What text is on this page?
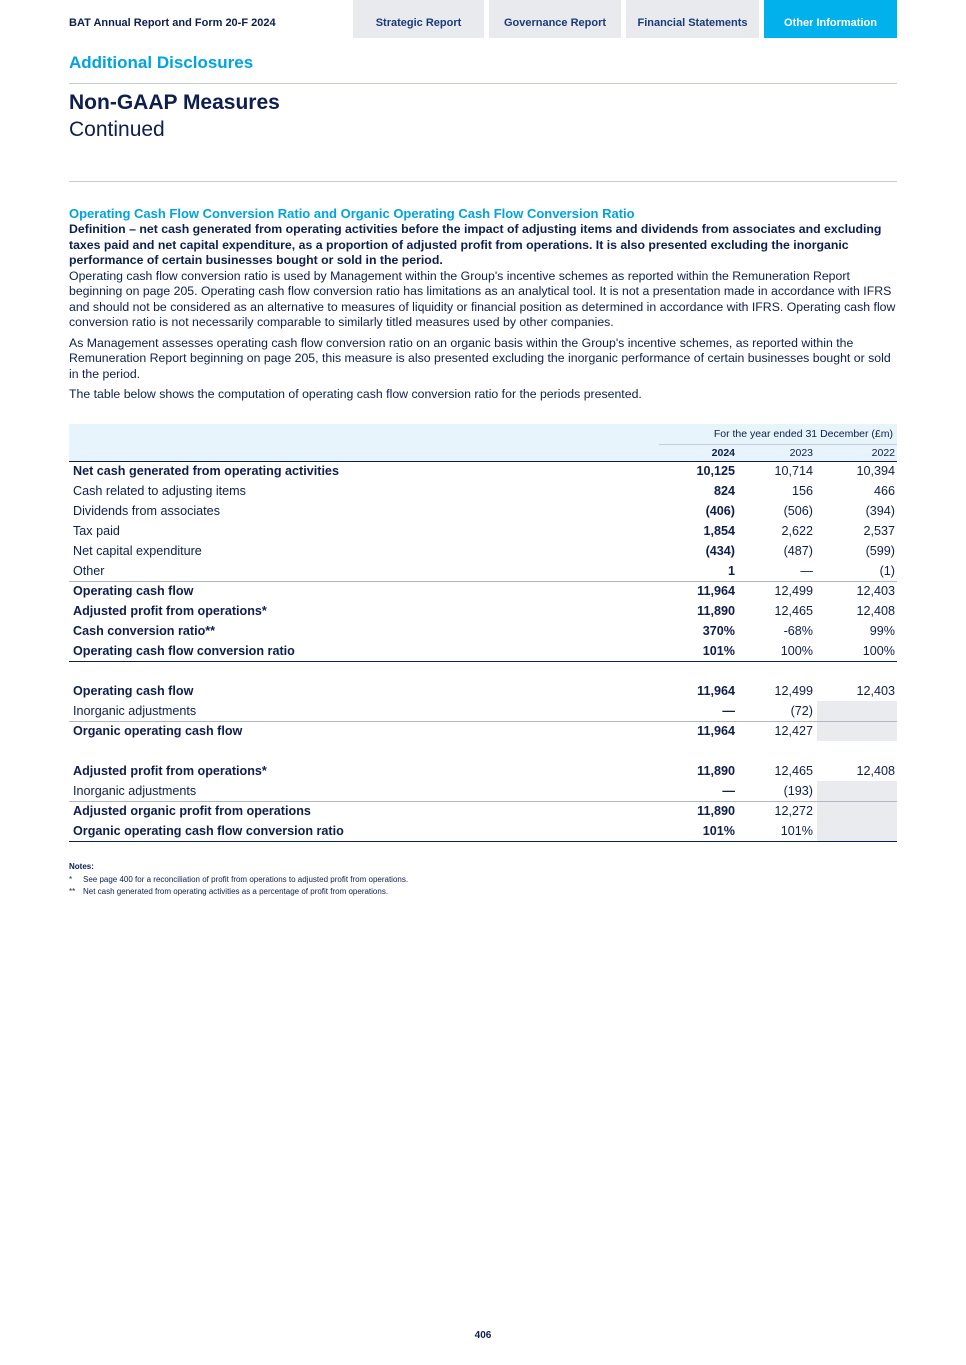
BAT Annual Report and Form 20-F 2024	Strategic Report	Governance Report	Financial Statements	Other Information
Additional Disclosures
Non-GAAP Measures
Continued
Operating Cash Flow Conversion Ratio and Organic Operating Cash Flow Conversion Ratio
Definition – net cash generated from operating activities before the impact of adjusting items and dividends from associates and excluding taxes paid and net capital expenditure, as a proportion of adjusted profit from operations. It is also presented excluding the inorganic performance of certain businesses bought or sold in the period.

Operating cash flow conversion ratio is used by Management within the Group's incentive schemes as reported within the Remuneration Report beginning on page 205. Operating cash flow conversion ratio has limitations as an analytical tool. It is not a presentation made in accordance with IFRS and should not be considered as an alternative to measures of liquidity or financial position as determined in accordance with IFRS. Operating cash flow conversion ratio is not necessarily comparable to similarly titled measures used by other companies.

As Management assesses operating cash flow conversion ratio on an organic basis within the Group's incentive schemes, as reported within the Remuneration Report beginning on page 205, this measure is also presented excluding the inorganic performance of certain businesses bought or sold in the period.

The table below shows the computation of operating cash flow conversion ratio for the periods presented.

	For the year ended 31 December (£m)		
	2024	2023	2022
Net cash generated from operating activities	10,125	10,714	10,394
Cash related to adjusting items	824	156	466
Dividends from associates	(406)	(506)	(394)
Tax paid	1,854	2,622	2,537
Net capital expenditure	(434)	(487)	(599)
Other	1	—	(1)
Operating cash flow	11,964	12,499	12,403
Adjusted profit from operations*	11,890	12,465	12,408
Cash conversion ratio**	370%	-68%	99%
Operating cash flow conversion ratio	101%	100%	100%

Operating cash flow	11,964	12,499	12,403
Inorganic adjustments	—	(72)	
Organic operating cash flow	11,964	12,427	

Adjusted profit from operations*	11,890	12,465	12,408
Inorganic adjustments	—	(193)	
Adjusted organic profit from operations	11,890	12,272	
Organic operating cash flow conversion ratio	101%	101%	
Notes:
* See page 400 for a reconciliation of profit from operations to adjusted profit from operations.
** Net cash generated from operating activities as a percentage of profit from operations.
406
